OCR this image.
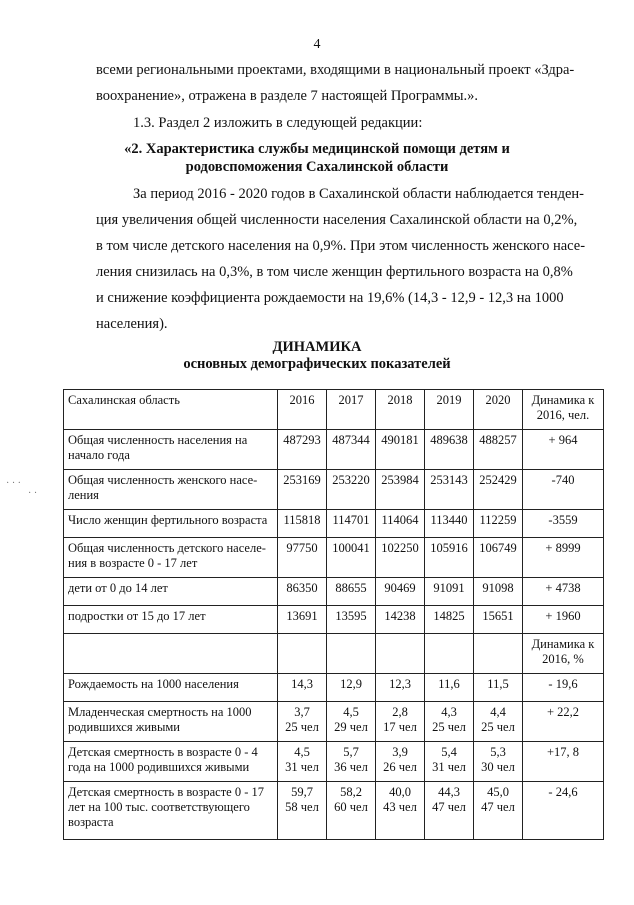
4
всеми региональными проектами, входящими в национальный проект «Здра-
воохранение», отражена в разделе 7 настоящей Программы.».
1.3. Раздел 2 изложить в следующей редакции:
«2. Характеристика службы медицинской помощи детям и
родовспоможения Сахалинской области
За период 2016 - 2020 годов в Сахалинской области наблюдается тенден-
ция увеличения общей численности населения Сахалинской области на 0,2%,
в том числе детского населения на 0,9%. При этом численность женского насе-
ления снизилась на 0,3%, в том числе женщин фертильного возраста на 0,8%
и снижение коэффициента рождаемости на 19,6% (14,3 - 12,9 - 12,3 на 1000
населения).
ДИНАМИКА
основных демографических показателей
· · ·
· ·
Сахалинская область	2016	2017	2018	2019	2020	Динамика к 2016, чел.
Общая численность населения на начало года	487293	487344	490181	489638	488257	+ 964
Общая численность женского насе-ления	253169	253220	253984	253143	252429	-740
Число женщин фертильного возраста	115818	114701	114064	113440	112259	-3559
Общая численность детского населе-ния в возрасте 0 - 17 лет	97750	100041	102250	105916	106749	+ 8999
дети от 0 до 14 лет	86350	88655	90469	91091	91098	+ 4738
подростки от 15 до 17 лет	13691	13595	14238	14825	15651	+ 1960
						Динамика к 2016, %
Рождаемость на 1000 населения	14,3	12,9	12,3	11,6	11,5	- 19,6
Младенческая смертность на 1000 родившихся живыми	3,7
25 чел	4,5
29 чел	2,8
17 чел	4,3
25 чел	4,4
25 чел	+ 22,2
Детская смертность в возрасте 0 - 4 года на 1000 родившихся живыми	4,5
31 чел	5,7
36 чел	3,9
26 чел	5,4
31 чел	5,3
30 чел	+17, 8
Детская смертность в возрасте 0 - 17 лет на 100 тыс. соответствующего возраста	59,7
58 чел	58,2
60 чел	40,0
43 чел	44,3
47 чел	45,0
47 чел	- 24,6
